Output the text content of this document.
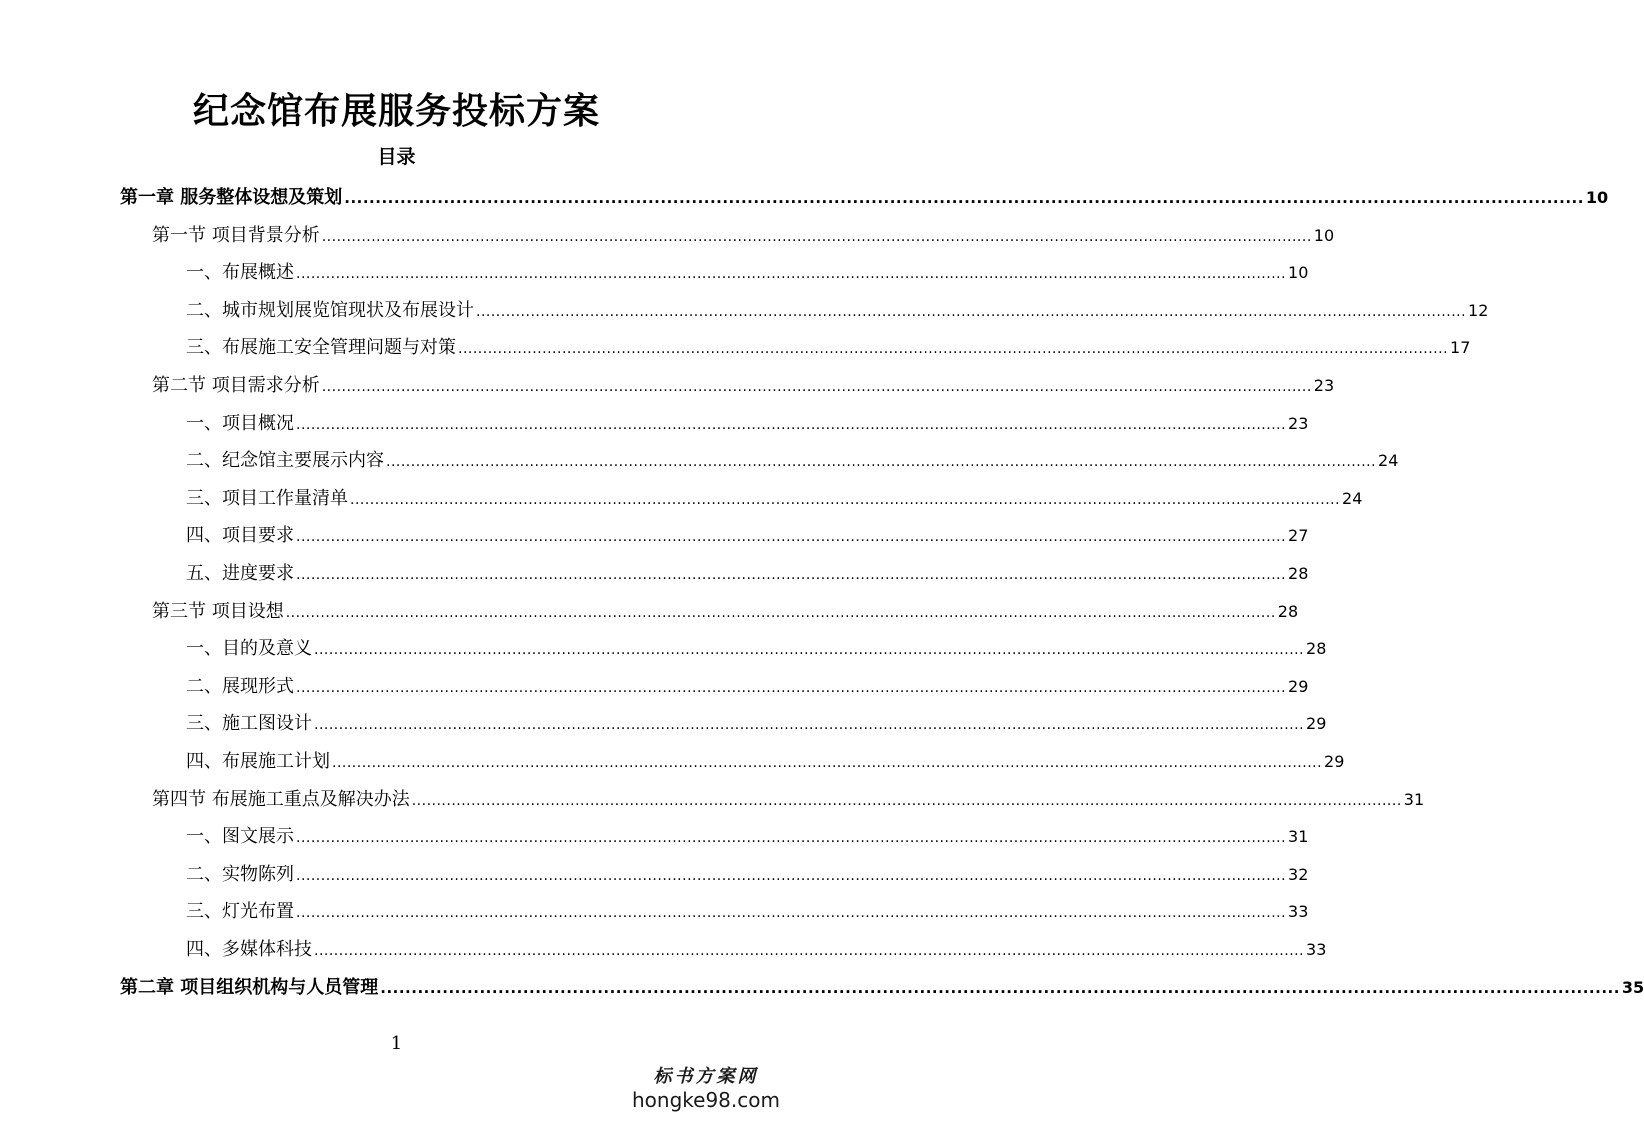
纪念馆布展服务投标方案
目录
第一章 服务整体设想及策划 ........................................................................................................................................................................................................ 10
第一节 项目背景分析 ........................................................................................................................................................................................................ 10
一、布展概述 ........................................................................................................................................................................................................ 10
二、城市规划展览馆现状及布展设计 ........................................................................................................................................................................................................ 12
三、布展施工安全管理问题与对策 ........................................................................................................................................................................................................ 17
第二节 项目需求分析 ........................................................................................................................................................................................................ 23
一、项目概况 ........................................................................................................................................................................................................ 23
二、纪念馆主要展示内容 ........................................................................................................................................................................................................ 24
三、项目工作量清单 ........................................................................................................................................................................................................ 24
四、项目要求 ........................................................................................................................................................................................................ 27
五、进度要求 ........................................................................................................................................................................................................ 28
第三节 项目设想 ........................................................................................................................................................................................................ 28
一、目的及意义 ........................................................................................................................................................................................................ 28
二、展现形式 ........................................................................................................................................................................................................ 29
三、施工图设计 ........................................................................................................................................................................................................ 29
四、布展施工计划 ........................................................................................................................................................................................................ 29
第四节 布展施工重点及解决办法 ........................................................................................................................................................................................................ 31
一、图文展示 ........................................................................................................................................................................................................ 31
二、实物陈列 ........................................................................................................................................................................................................ 32
三、灯光布置 ........................................................................................................................................................................................................ 33
四、多媒体科技 ........................................................................................................................................................................................................ 33
第二章 项目组织机构与人员管理 ........................................................................................................................................................................................................ 35
1
标书方案网
hongke98.com
